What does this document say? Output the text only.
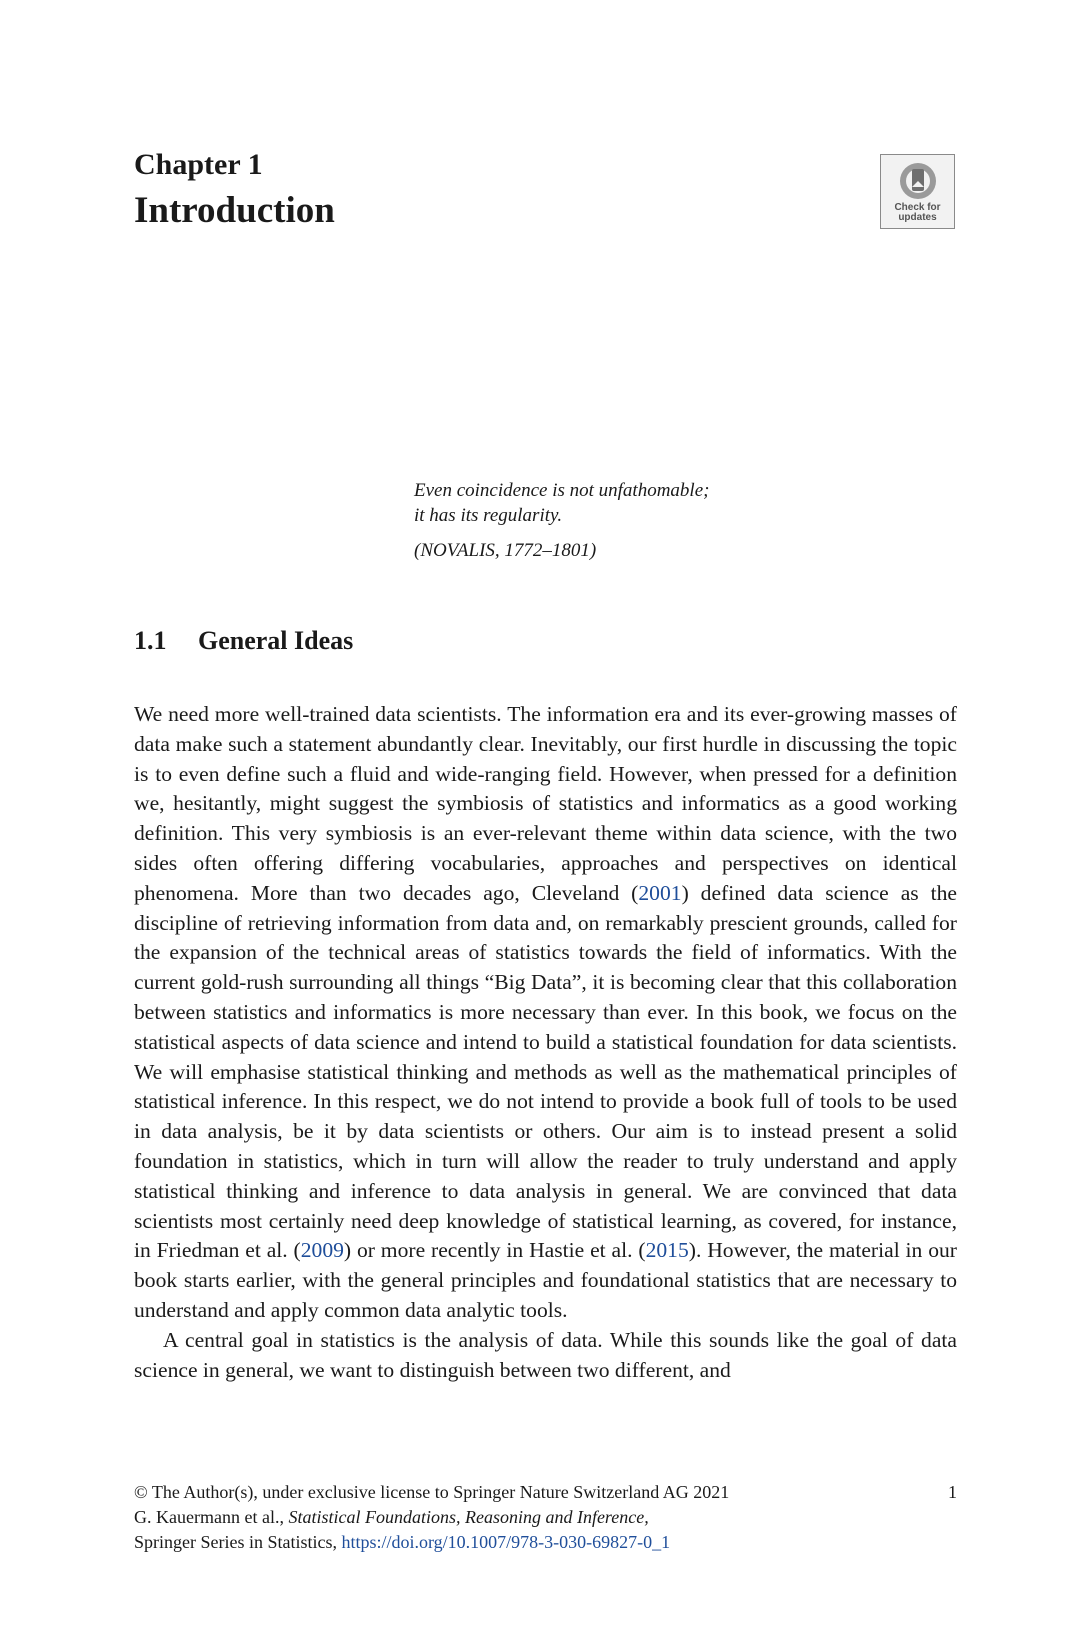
Chapter 1
Introduction	Check for
updates
Even coincidence is not unfathomable;
it has its regularity.
(NOVALIS, 1772–1801)
1.1 General Ideas

We need more well-trained data scientists. The information era and its ever-growing masses of data make such a statement abundantly clear. Inevitably, our first hurdle in discussing the topic is to even define such a fluid and wide-ranging field. However, when pressed for a definition we, hesitantly, might suggest the symbiosis of statistics and informatics as a good working definition. This very symbiosis is an ever-relevant theme within data science, with the two sides often offering differing vocabularies, approaches and perspectives on identical phenomena. More than two decades ago, Cleveland (2001) defined data science as the discipline of retrieving information from data and, on remarkably prescient grounds, called for the expansion of the technical areas of statistics towards the field of informatics. With the current gold-rush surrounding all things “Big Data”, it is becoming clear that this collaboration between statistics and informatics is more necessary than ever. In this book, we focus on the statistical aspects of data science and intend to build a statistical foundation for data scientists. We will emphasise statistical thinking and methods as well as the mathematical principles of statistical inference. In this respect, we do not intend to provide a book full of tools to be used in data analysis, be it by data scientists or others. Our aim is to instead present a solid foundation in statistics, which in turn will allow the reader to truly understand and apply statistical thinking and inference to data analysis in general. We are convinced that data scientists most certainly need deep knowledge of statistical learning, as covered, for instance, in Friedman et al. (2009) or more recently in Hastie et al. (2015). However, the material in our book starts earlier, with the general principles and foundational statistics that are necessary to understand and apply common data analytic tools.

A central goal in statistics is the analysis of data. While this sounds like the goal of data science in general, we want to distinguish between two different, and

© The Author(s), under exclusive license to Springer Nature Switzerland AG 2021	1
G. Kauermann et al., Statistical Foundations, Reasoning and Inference,
Springer Series in Statistics, https://doi.org/10.1007/978-3-030-69827-0_1
